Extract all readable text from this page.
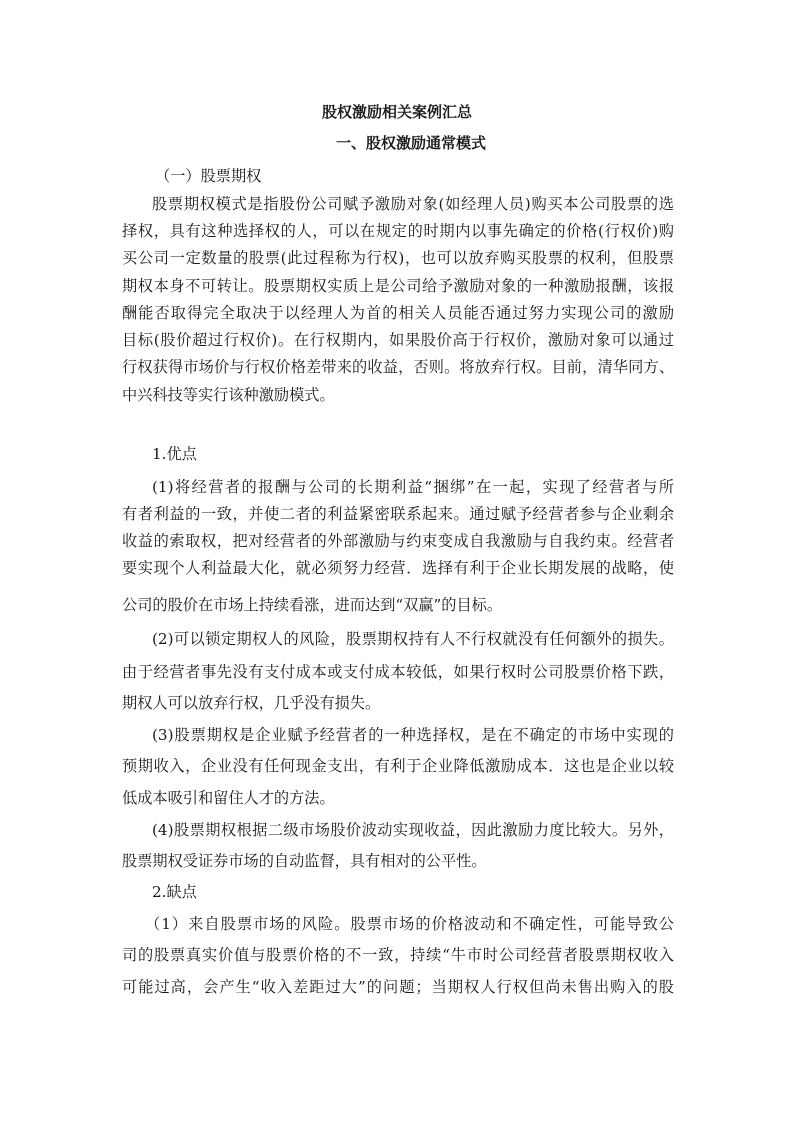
股权激励相关案例汇总
一、股权激励通常模式
（一）股票期权
股票期权模式是指股份公司赋予激励对象(如经理人员)购买本公司股票的选
择权，具有这种选择权的人，可以在规定的时期内以事先确定的价格(行权价)购
买公司一定数量的股票(此过程称为行权)，也可以放弃购买股票的权利，但股票
期权本身不可转让。股票期权实质上是公司给予激励对象的一种激励报酬，该报
酬能否取得完全取决于以经理人为首的相关人员能否通过努力实现公司的激励
目标(股价超过行权价)。在行权期内，如果股价高于行权价，激励对象可以通过
行权获得市场价与行权价格差带来的收益，否则。将放弃行权。目前，清华同方、
中兴科技等实行该种激励模式。
1.优点
(1)将经营者的报酬与公司的长期利益“捆绑”在一起，实现了经营者与所
有者利益的一致，并使二者的利益紧密联系起来。通过赋予经营者参与企业剩余
收益的索取权，把对经营者的外部激励与约束变成自我激励与自我约束。经营者
要实现个人利益最大化，就必须努力经营．选择有利于企业长期发展的战略，使
公司的股价在市场上持续看涨，进而达到“双赢”的目标。
(2)可以锁定期权人的风险，股票期权持有人不行权就没有任何额外的损失。
由于经营者事先没有支付成本或支付成本较低，如果行权时公司股票价格下跌，
期权人可以放弃行权，几乎没有损失。
(3)股票期权是企业赋予经营者的一种选择权，是在不确定的市场中实现的
预期收入，企业没有任何现金支出，有利于企业降低激励成本．这也是企业以较
低成本吸引和留住人才的方法。
(4)股票期权根据二级市场股价波动实现收益，因此激励力度比较大。另外，
股票期权受证券市场的自动监督，具有相对的公平性。
2.缺点
（1）来自股票市场的风险。股票市场的价格波动和不确定性，可能导致公
司的股票真实价值与股票价格的不一致，持续“牛市时公司经营者股票期权收入
可能过高，会产生“收入差距过大”的问题；当期权人行权但尚未售出购入的股
